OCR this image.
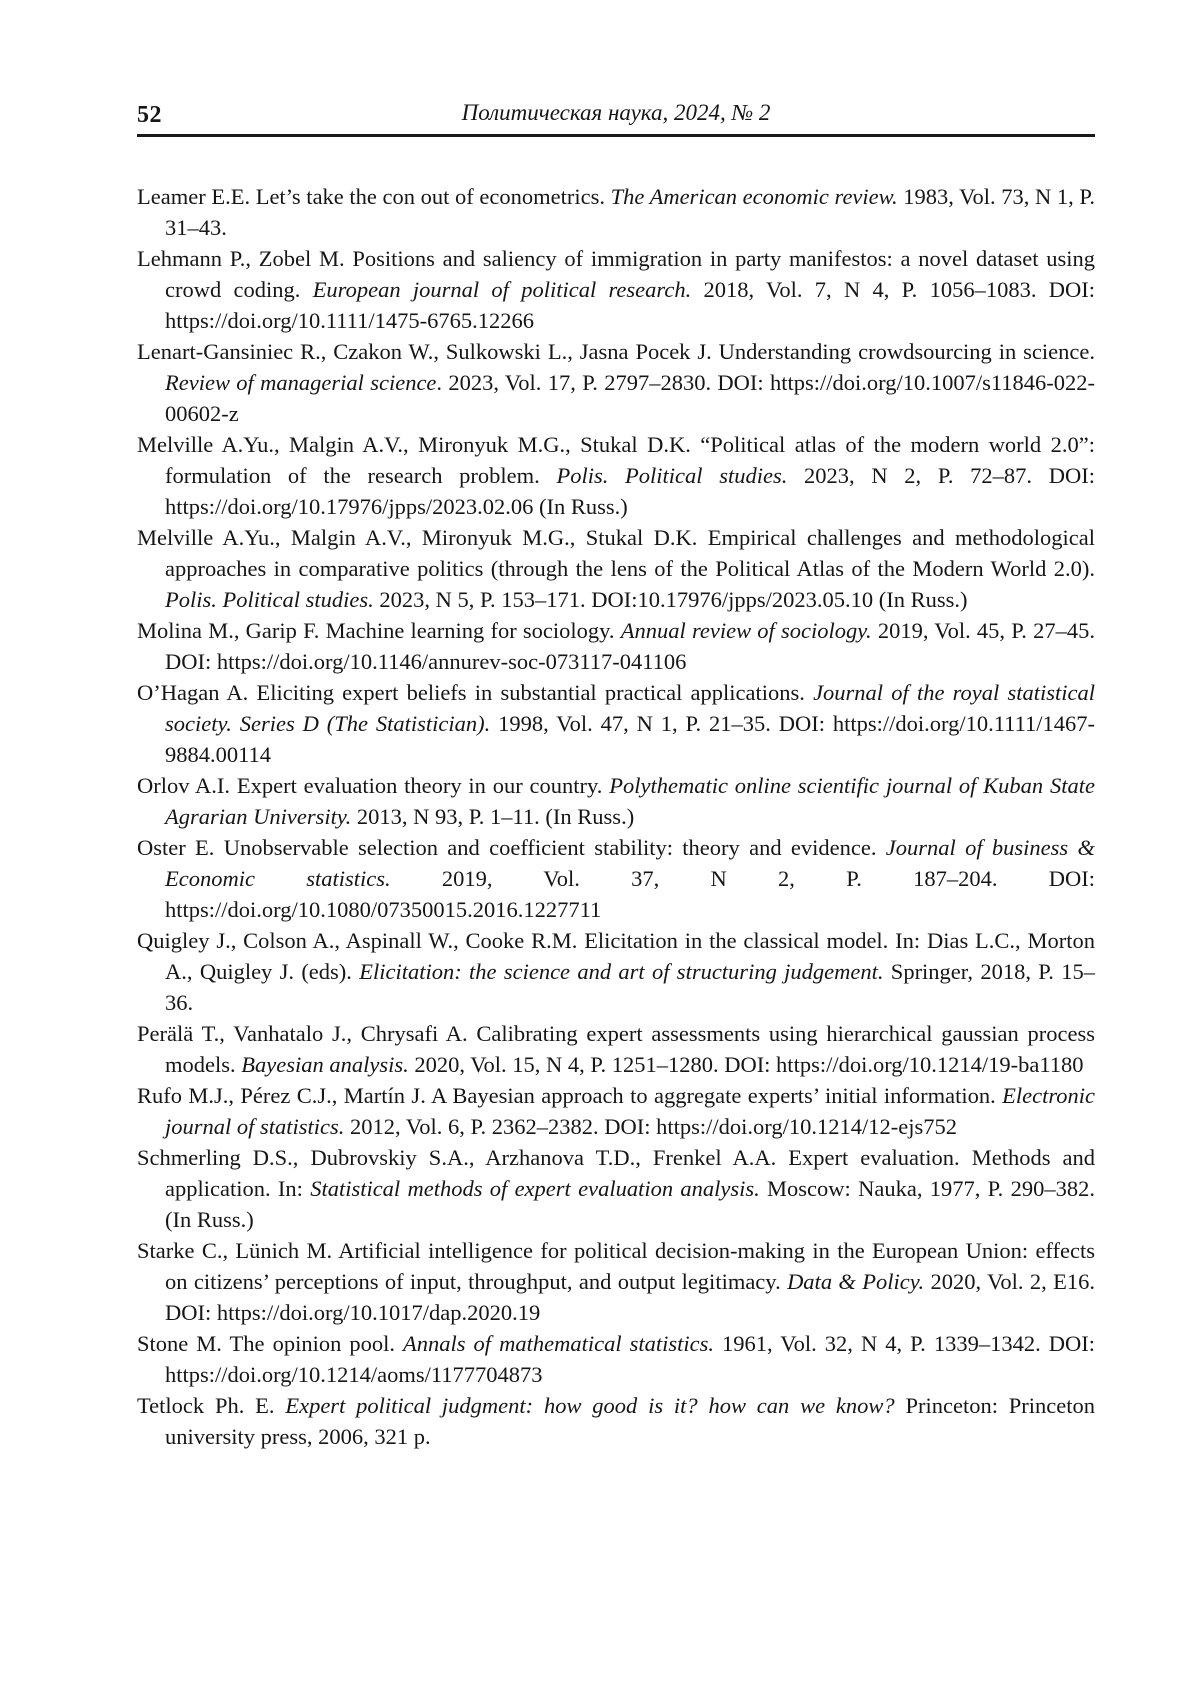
52	Политическая наука, 2024, № 2

Leamer E.E. Let’s take the con out of econometrics. The American economic review. 1983, Vol. 73, N 1, P. 31–43.

Lehmann P., Zobel M. Positions and saliency of immigration in party manifestos: a novel dataset using crowd coding. European journal of political research. 2018, Vol. 7, N 4, P. 1056–1083. DOI: https://doi.org/10.1111/1475-6765.12266

Lenart-Gansiniec R., Czakon W., Sulkowski L., Jasna Pocek J. Understanding crowdsourcing in science. Review of managerial science. 2023, Vol. 17, P. 2797–2830. DOI: https://doi.org/10.1007/s11846-022-00602-z

Melville A.Yu., Malgin A.V., Mironyuk M.G., Stukal D.K. “Political atlas of the modern world 2.0”: formulation of the research problem. Polis. Political studies. 2023, N 2, P. 72–87. DOI: https://doi.org/10.17976/jpps/2023.02.06 (In Russ.)

Melville A.Yu., Malgin A.V., Mironyuk M.G., Stukal D.K. Empirical challenges and methodological approaches in comparative politics (through the lens of the Political Atlas of the Modern World 2.0). Polis. Political studies. 2023, N 5, P. 153–171. DOI:10.17976/jpps/2023.05.10 (In Russ.)

Molina M., Garip F. Machine learning for sociology. Annual review of sociology. 2019, Vol. 45, P. 27–45. DOI: https://doi.org/10.1146/annurev-soc-073117-041106

O’Hagan A. Eliciting expert beliefs in substantial practical applications. Journal of the royal statistical society. Series D (The Statistician). 1998, Vol. 47, N 1, P. 21–35. DOI: https://doi.org/10.1111/1467-9884.00114

Orlov A.I. Expert evaluation theory in our country. Polythematic online scientific journal of Kuban State Agrarian University. 2013, N 93, P. 1–11. (In Russ.)

Oster E. Unobservable selection and coefficient stability: theory and evidence. Journal of business & Economic statistics. 2019, Vol. 37, N 2, P. 187–204. DOI: https://doi.org/10.1080/07350015.2016.1227711

Quigley J., Colson A., Aspinall W., Cooke R.M. Elicitation in the classical model. In: Dias L.C., Morton A., Quigley J. (eds). Elicitation: the science and art of structuring judgement. Springer, 2018, P. 15–36.

Perälä T., Vanhatalo J., Chrysafi A. Calibrating expert assessments using hierarchical gaussian process models. Bayesian analysis. 2020, Vol. 15, N 4, P. 1251–1280. DOI: https://doi.org/10.1214/19-ba1180

Rufo M.J., Pérez C.J., Martín J. A Bayesian approach to aggregate experts’ initial information. Electronic journal of statistics. 2012, Vol. 6, P. 2362–2382. DOI: https://doi.org/10.1214/12-ejs752

Schmerling D.S., Dubrovskiy S.A., Arzhanova T.D., Frenkel A.A. Expert evaluation. Methods and application. In: Statistical methods of expert evaluation analysis. Moscow: Nauka, 1977, P. 290–382. (In Russ.)

Starke C., Lünich M. Artificial intelligence for political decision-making in the European Union: effects on citizens’ perceptions of input, throughput, and output legitimacy. Data & Policy. 2020, Vol. 2, E16. DOI: https://doi.org/10.1017/dap.2020.19

Stone M. The opinion pool. Annals of mathematical statistics. 1961, Vol. 32, N 4, P. 1339–1342. DOI: https://doi.org/10.1214/aoms/1177704873

Tetlock Ph. E. Expert political judgment: how good is it? how can we know? Princeton: Princeton university press, 2006, 321 p.
